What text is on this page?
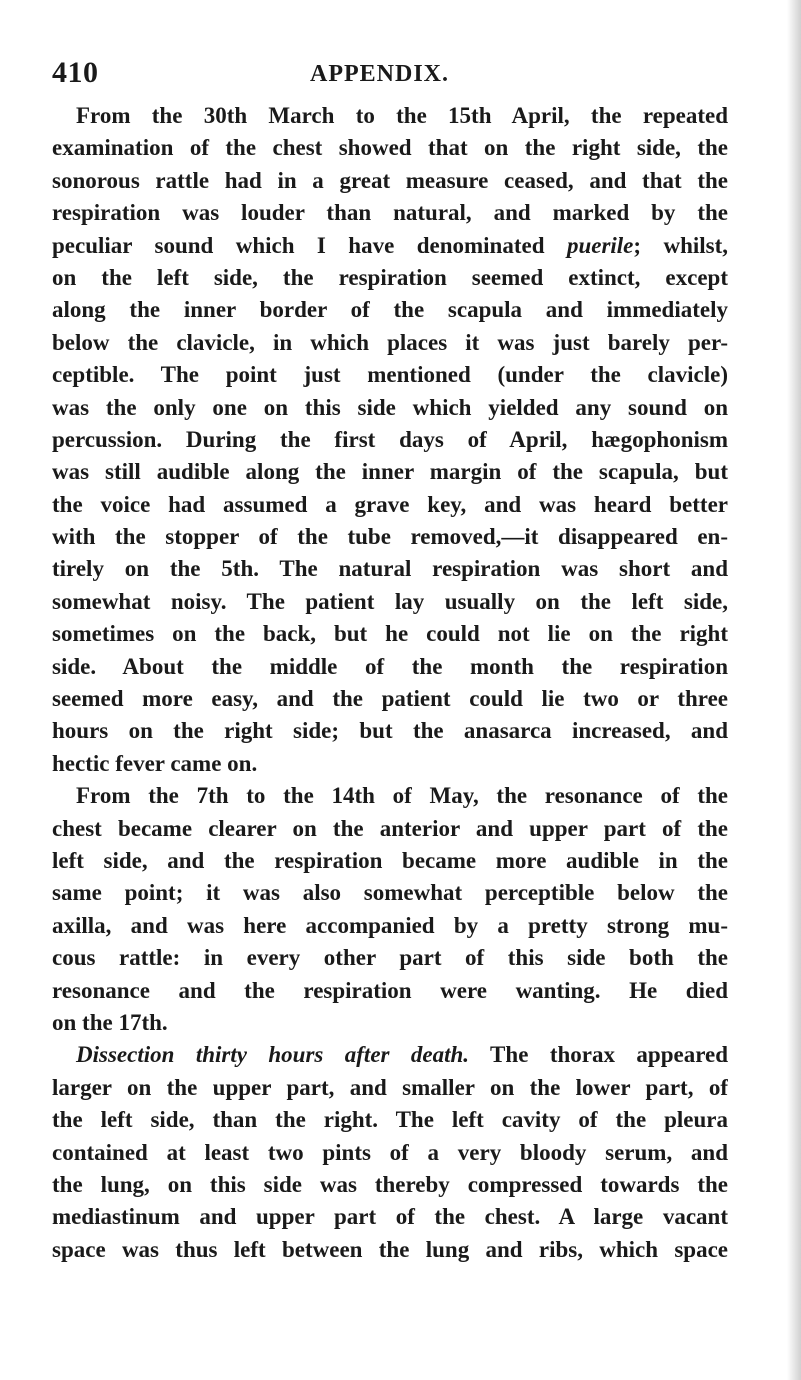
410	APPENDIX.
From the 30th March to the 15th April, the repeated
examination of the chest showed that on the right side, the
sonorous rattle had in a great measure ceased, and that the
respiration was louder than natural, and marked by the
peculiar sound which I have denominated puerile; whilst,
on the left side, the respiration seemed extinct, except
along the inner border of the scapula and immediately
below the clavicle, in which places it was just barely per-
ceptible. The point just mentioned (under the clavicle)
was the only one on this side which yielded any sound on
percussion. During the first days of April, hægophonism
was still audible along the inner margin of the scapula, but
the voice had assumed a grave key, and was heard better
with the stopper of the tube removed,—it disappeared en-
tirely on the 5th. The natural respiration was short and
somewhat noisy. The patient lay usually on the left side,
sometimes on the back, but he could not lie on the right
side. About the middle of the month the respiration
seemed more easy, and the patient could lie two or three
hours on the right side; but the anasarca increased, and
hectic fever came on.
From the 7th to the 14th of May, the resonance of the
chest became clearer on the anterior and upper part of the
left side, and the respiration became more audible in the
same point; it was also somewhat perceptible below the
axilla, and was here accompanied by a pretty strong mu-
cous rattle: in every other part of this side both the
resonance and the respiration were wanting. He died
on the 17th.
Dissection thirty hours after death. The thorax appeared
larger on the upper part, and smaller on the lower part, of
the left side, than the right. The left cavity of the pleura
contained at least two pints of a very bloody serum, and
the lung, on this side was thereby compressed towards the
mediastinum and upper part of the chest. A large vacant
space was thus left between the lung and ribs, which space
